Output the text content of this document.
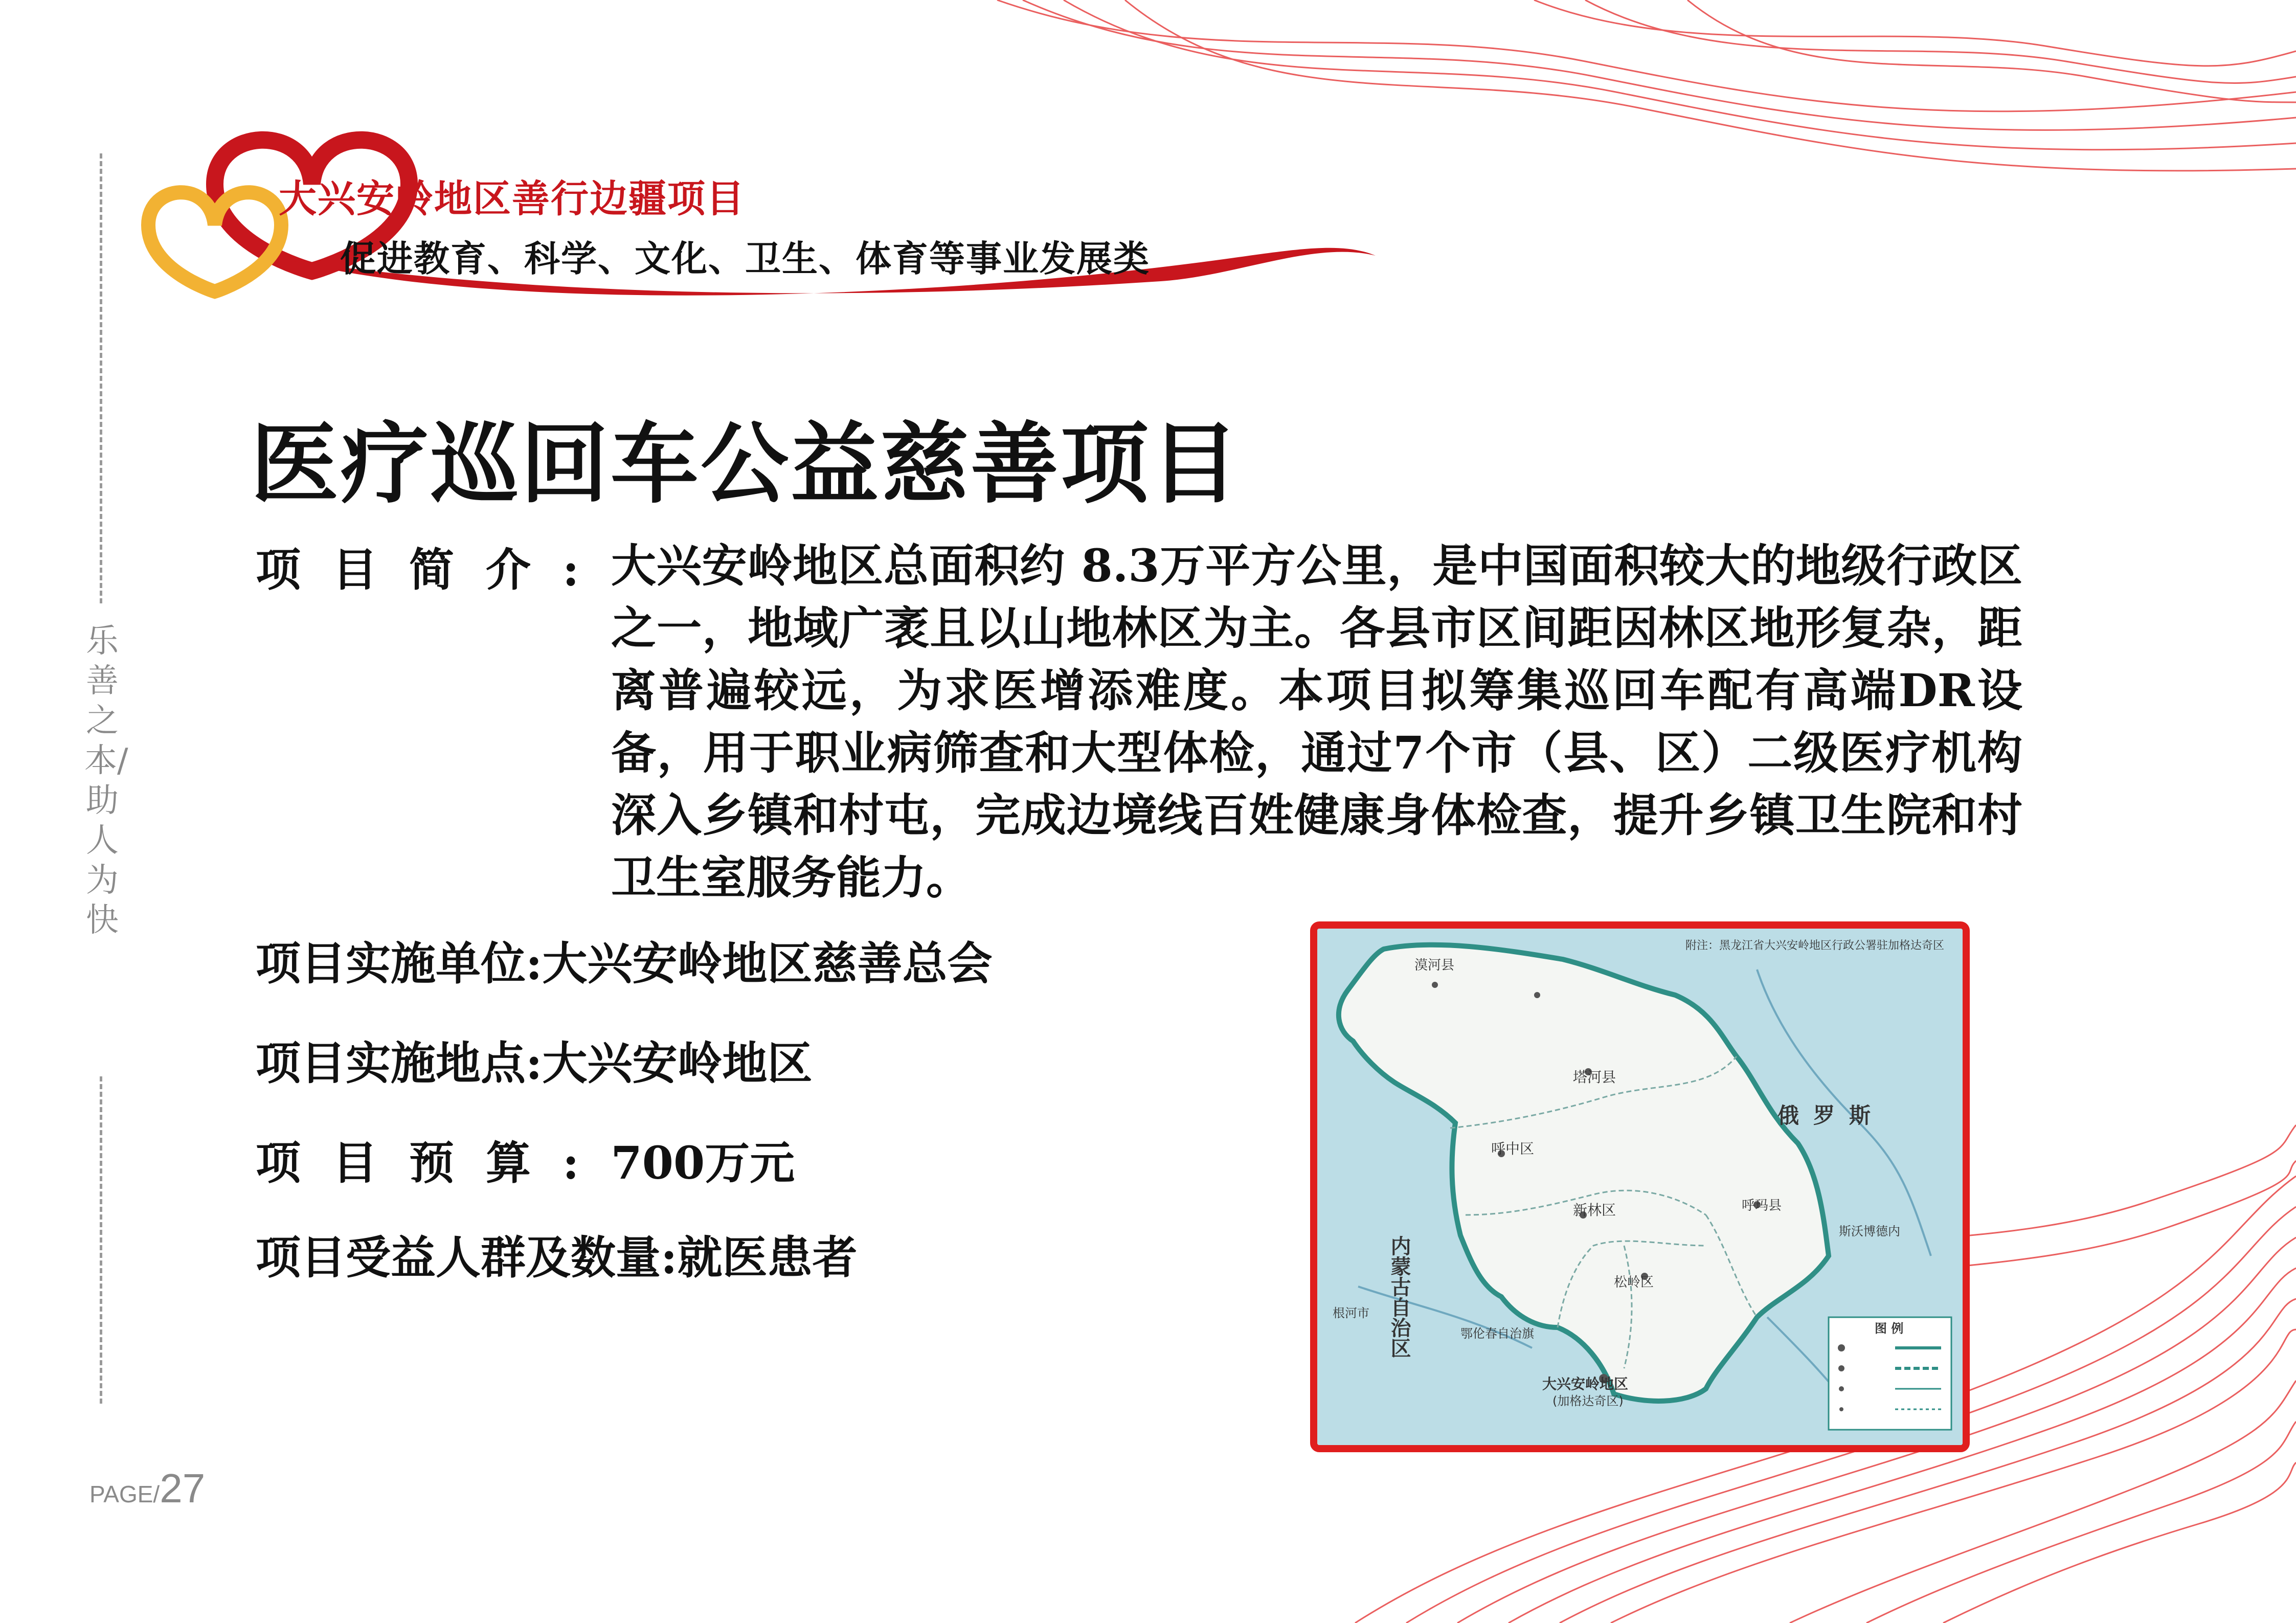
大兴安岭地区善行边疆项目
促进教育、科学、文化、卫生、体育等事业发展类
乐善之本/助人为快
PAGE/27
医疗巡回车公益慈善项目
项目简介: 大兴安岭地区总面积约 8.3万平方公里，是中国面积较大的地级行政区之一，地域广袤且以山地林区为主。各县市区间距因林区地形复杂，距离普遍较远，为求医增添难度。本项目拟筹集巡回车配有高端DR设备，用于职业病筛查和大型体检，通过7个市（县、区）二级医疗机构深入乡镇和村屯，完成边境线百姓健康身体检查，提升乡镇卫生院和村卫生室服务能力。
项目实施单位:大兴安岭地区慈善总会
项目实施地点:大兴安岭地区
项目预算:700万元
项目受益人群及数量:就医患者
附注：黑龙江省大兴安岭地区行政公署驻加格达奇区
漠河县
塔河县
呼中区
新林区
松岭区
呼玛县
大兴安岭地区
(加格达奇区)
俄罗斯
斯沃博德内
根河市
鄂伦春自治旗
内蒙古自治区	图 例
